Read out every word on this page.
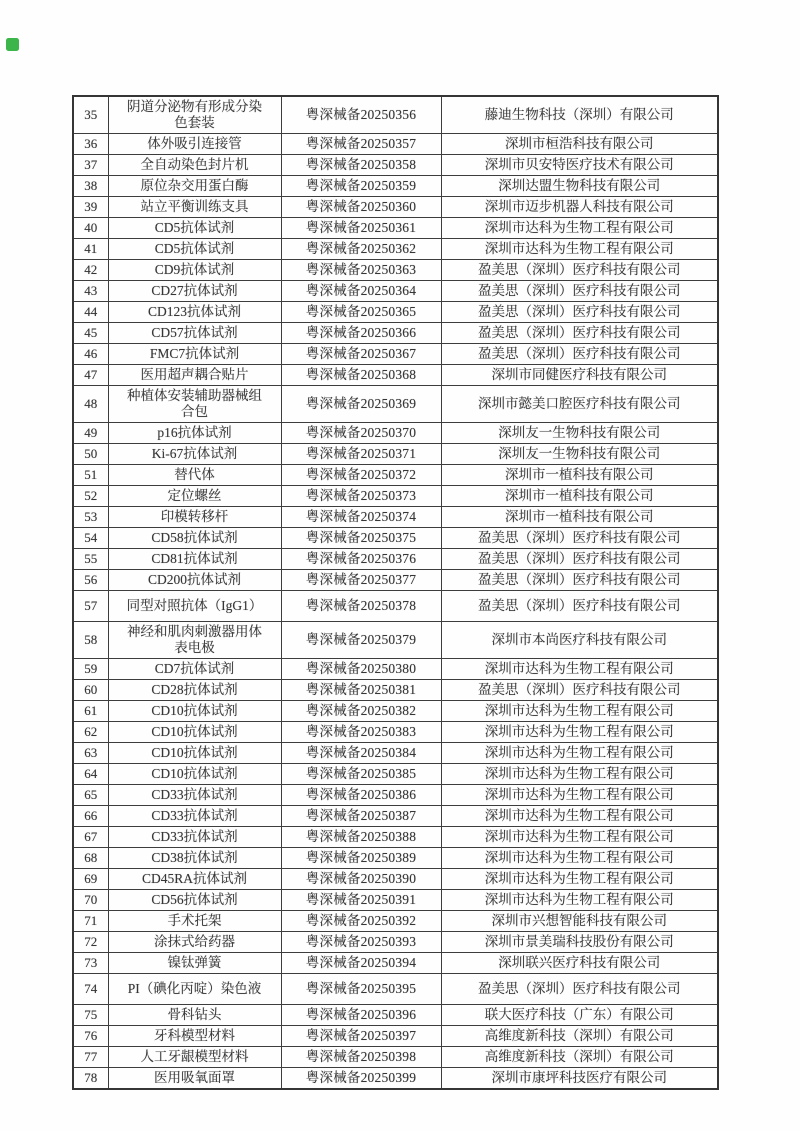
35	阴道分泌物有形成分染色套装	粤深械备20250356	藤迪生物科技（深圳）有限公司
36	体外吸引连接管	粤深械备20250357	深圳市桓浩科技有限公司
37	全自动染色封片机	粤深械备20250358	深圳市贝安特医疗技术有限公司
38	原位杂交用蛋白酶	粤深械备20250359	深圳达盟生物科技有限公司
39	站立平衡训练支具	粤深械备20250360	深圳市迈步机器人科技有限公司
40	CD5抗体试剂	粤深械备20250361	深圳市达科为生物工程有限公司
41	CD5抗体试剂	粤深械备20250362	深圳市达科为生物工程有限公司
42	CD9抗体试剂	粤深械备20250363	盈美思（深圳）医疗科技有限公司
43	CD27抗体试剂	粤深械备20250364	盈美思（深圳）医疗科技有限公司
44	CD123抗体试剂	粤深械备20250365	盈美思（深圳）医疗科技有限公司
45	CD57抗体试剂	粤深械备20250366	盈美思（深圳）医疗科技有限公司
46	FMC7抗体试剂	粤深械备20250367	盈美思（深圳）医疗科技有限公司
47	医用超声耦合贴片	粤深械备20250368	深圳市同健医疗科技有限公司
48	种植体安装辅助器械组合包	粤深械备20250369	深圳市懿美口腔医疗科技有限公司
49	p16抗体试剂	粤深械备20250370	深圳友一生物科技有限公司
50	Ki-67抗体试剂	粤深械备20250371	深圳友一生物科技有限公司
51	替代体	粤深械备20250372	深圳市一植科技有限公司
52	定位螺丝	粤深械备20250373	深圳市一植科技有限公司
53	印模转移杆	粤深械备20250374	深圳市一植科技有限公司
54	CD58抗体试剂	粤深械备20250375	盈美思（深圳）医疗科技有限公司
55	CD81抗体试剂	粤深械备20250376	盈美思（深圳）医疗科技有限公司
56	CD200抗体试剂	粤深械备20250377	盈美思（深圳）医疗科技有限公司
57	同型对照抗体（IgG1）	粤深械备20250378	盈美思（深圳）医疗科技有限公司
58	神经和肌肉刺激器用体表电极	粤深械备20250379	深圳市本尚医疗科技有限公司
59	CD7抗体试剂	粤深械备20250380	深圳市达科为生物工程有限公司
60	CD28抗体试剂	粤深械备20250381	盈美思（深圳）医疗科技有限公司
61	CD10抗体试剂	粤深械备20250382	深圳市达科为生物工程有限公司
62	CD10抗体试剂	粤深械备20250383	深圳市达科为生物工程有限公司
63	CD10抗体试剂	粤深械备20250384	深圳市达科为生物工程有限公司
64	CD10抗体试剂	粤深械备20250385	深圳市达科为生物工程有限公司
65	CD33抗体试剂	粤深械备20250386	深圳市达科为生物工程有限公司
66	CD33抗体试剂	粤深械备20250387	深圳市达科为生物工程有限公司
67	CD33抗体试剂	粤深械备20250388	深圳市达科为生物工程有限公司
68	CD38抗体试剂	粤深械备20250389	深圳市达科为生物工程有限公司
69	CD45RA抗体试剂	粤深械备20250390	深圳市达科为生物工程有限公司
70	CD56抗体试剂	粤深械备20250391	深圳市达科为生物工程有限公司
71	手术托架	粤深械备20250392	深圳市兴想智能科技有限公司
72	涂抹式给药器	粤深械备20250393	深圳市景美瑞科技股份有限公司
73	镍钛弹簧	粤深械备20250394	深圳联兴医疗科技有限公司
74	PI（碘化丙啶）染色液	粤深械备20250395	盈美思（深圳）医疗科技有限公司
75	骨科钻头	粤深械备20250396	联大医疗科技（广东）有限公司
76	牙科模型材料	粤深械备20250397	高维度新科技（深圳）有限公司
77	人工牙龈模型材料	粤深械备20250398	高维度新科技（深圳）有限公司
78	医用吸氧面罩	粤深械备20250399	深圳市康坪科技医疗有限公司
